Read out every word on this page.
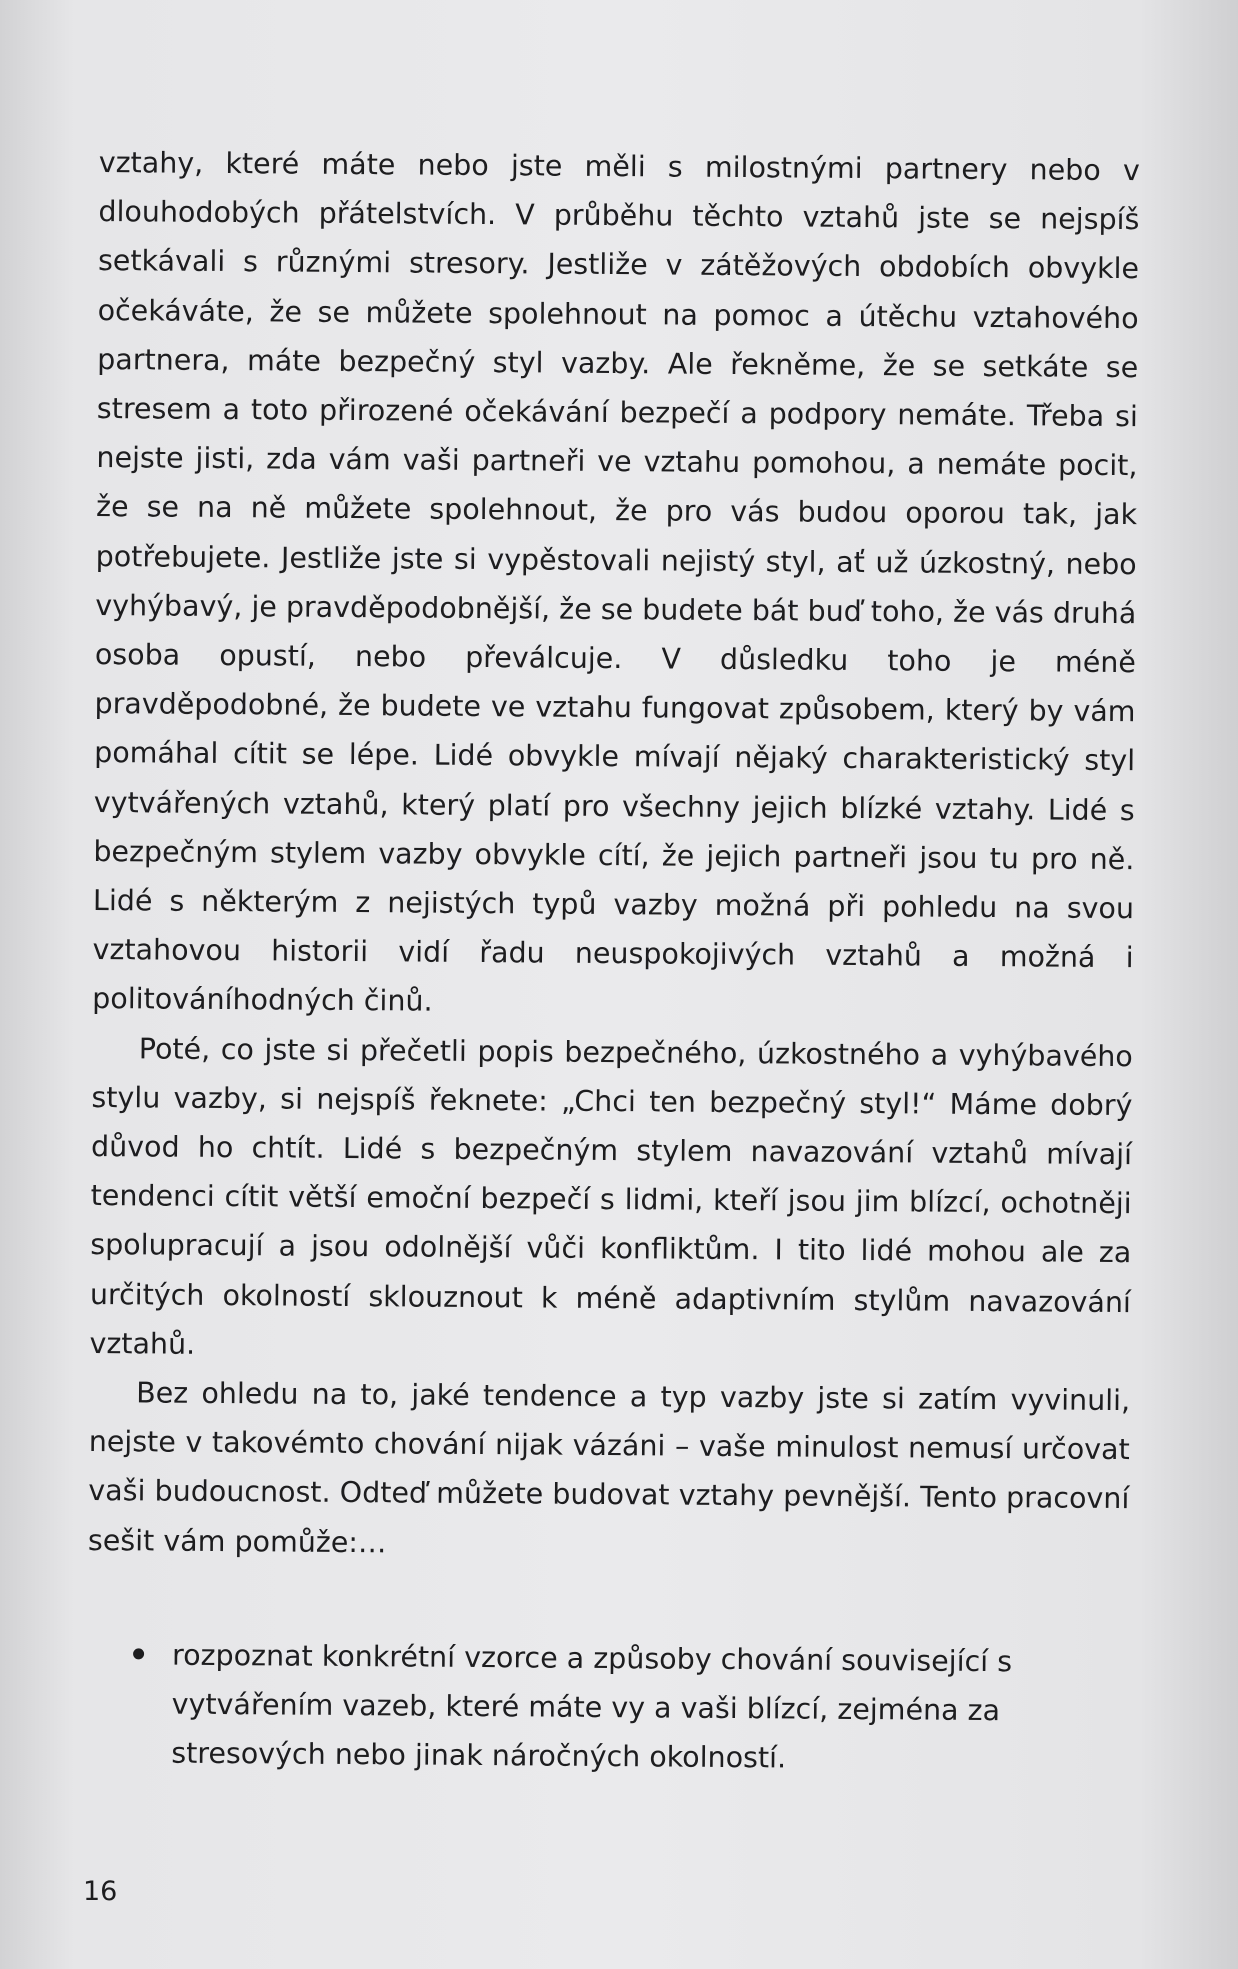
vztahy, které máte nebo jste měli s milostnými partnery nebo v dlouhodobých přátelstvích. V průběhu těchto vztahů jste se nejspíš setkávali s různými stresory. Jestliže v zátěžových obdobích obvykle očekáváte, že se můžete spolehnout na pomoc a útěchu vztahového partnera, máte bezpečný styl vazby. Ale řekněme, že se setkáte se stresem a toto přirozené očekávání bezpečí a podpory nemáte. Třeba si nejste jisti, zda vám vaši partneři ve vztahu pomohou, a nemáte pocit, že se na ně můžete spolehnout, že pro vás budou oporou tak, jak potřebujete. Jestliže jste si vypěstovali nejistý styl, ať už úzkostný, nebo vyhýbavý, je pravděpodobnější, že se budete bát buď toho, že vás druhá osoba opustí, nebo převálcuje. V důsledku toho je méně pravděpodobné, že budete ve vztahu fungovat způsobem, který by vám pomáhal cítit se lépe. Lidé obvykle mívají nějaký charakteristický styl vytvářených vztahů, který platí pro všechny jejich blízké vztahy. Lidé s bezpečným stylem vazby obvykle cítí, že jejich partneři jsou tu pro ně. Lidé s některým z nejistých typů vazby možná při pohledu na svou vztahovou historii vidí řadu neuspokojivých vztahů a možná i politováníhodných činů.

Poté, co jste si přečetli popis bezpečného, úzkostného a vyhýbavého stylu vazby, si nejspíš řeknete: „Chci ten bezpečný styl!“ Máme dobrý důvod ho chtít. Lidé s bezpečným stylem navazování vztahů mívají tendenci cítit větší emoční bezpečí s lidmi, kteří jsou jim blízcí, ochotněji spolupracují a jsou odolnější vůči konfliktům. I tito lidé mohou ale za určitých okolností sklouznout k méně adaptivním stylům navazování vztahů.

Bez ohledu na to, jaké tendence a typ vazby jste si zatím vyvinuli, nejste v takovémto chování nijak vázáni – vaše minulost nemusí určovat vaši budoucnost. Odteď můžete budovat vztahy pevnější. Tento pracovní sešit vám pomůže:…

rozpoznat konkrétní vzorce a způsoby chování související s vytvářením vazeb, které máte vy a vaši blízcí, zejména za stresových nebo jinak náročných okolností.
16
